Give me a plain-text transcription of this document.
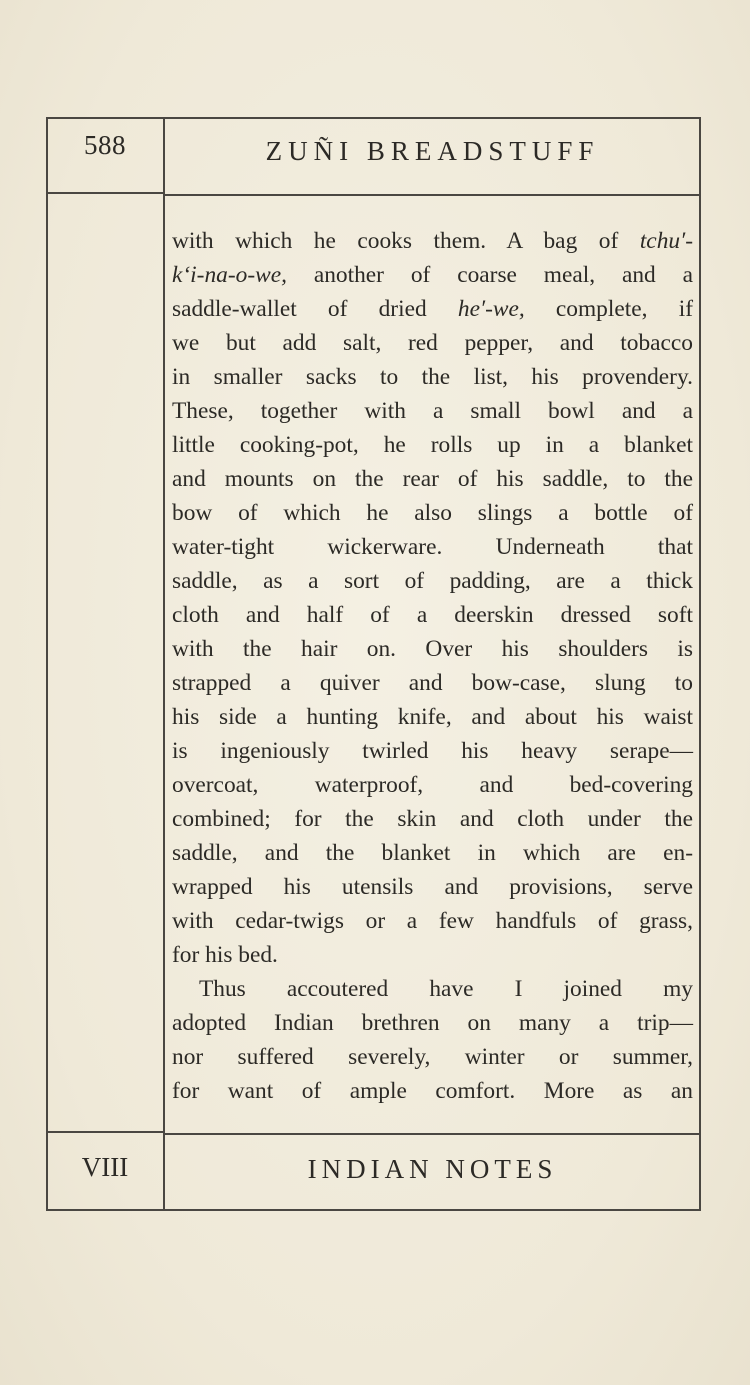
588	ZUÑI BREADSTUFF
with which he cooks them. A bag of tchu′-
k‘i-na-o-we, another of coarse meal, and a
saddle-wallet of dried he′-we, complete, if
we but add salt, red pepper, and tobacco
in smaller sacks to the list, his provendery.
These, together with a small bowl and a
little cooking-pot, he rolls up in a blanket
and mounts on the rear of his saddle, to the
bow of which he also slings a bottle of
water-tight wickerware. Underneath that
saddle, as a sort of padding, are a thick
cloth and half of a deerskin dressed soft
with the hair on. Over his shoulders is
strapped a quiver and bow-case, slung to
his side a hunting knife, and about his waist
is ingeniously twirled his heavy serape—
overcoat, waterproof, and bed-covering
combined; for the skin and cloth under the
saddle, and the blanket in which are en-
wrapped his utensils and provisions, serve
with cedar-twigs or a few handfuls of grass,
for his bed.
Thus accoutered have I joined my
adopted Indian brethren on many a trip—
nor suffered severely, winter or summer,
for want of ample comfort. More as an
VIII	INDIAN NOTES
